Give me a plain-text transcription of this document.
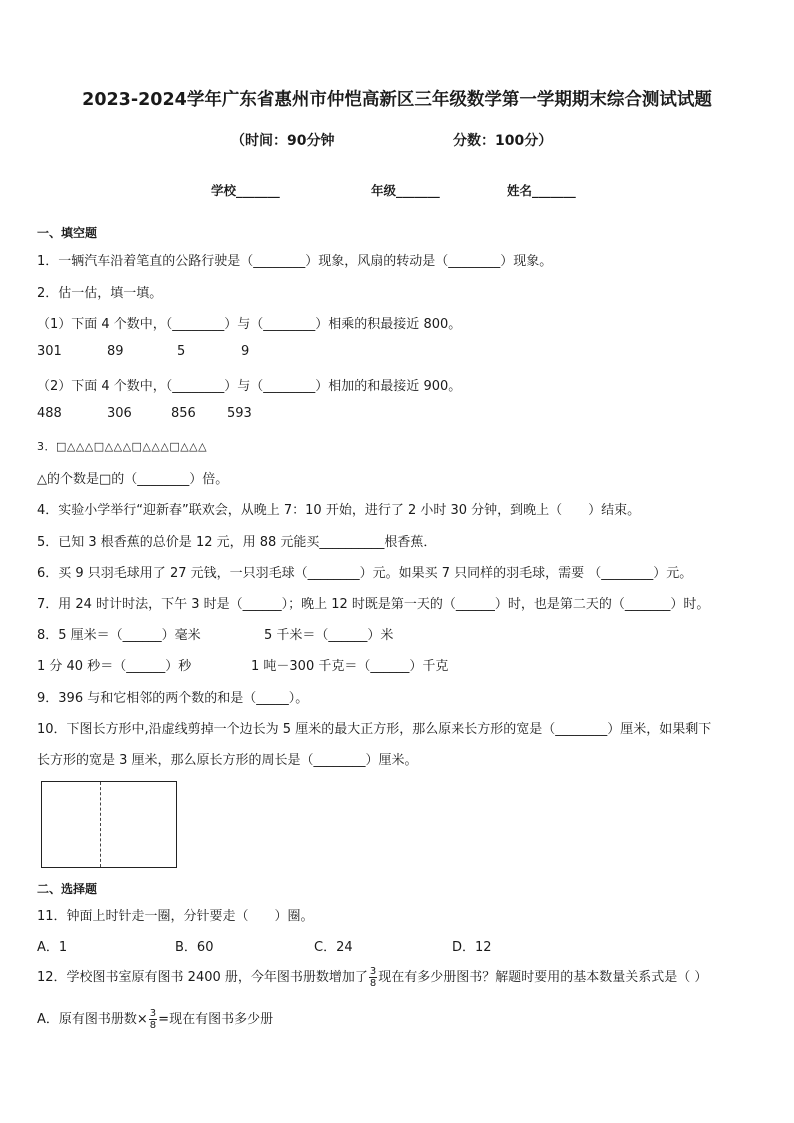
2023-2024学年广东省惠州市仲恺高新区三年级数学第一学期期末综合测试试题
（时间：90分钟	分数：100分）
学校_______	年级_______	姓名_______
一、填空题
1．一辆汽车沿着笔直的公路行驶是（________）现象，风扇的转动是（________）现象。
2．估一估，填一填。
（1）下面 4 个数中，（________）与（________）相乘的积最接近 800。
301	89	5	9
（2）下面 4 个数中，（________）与（________）相加的和最接近 900。
488	306	856 593
3．□△△△□△△△□△△△□△△△
△的个数是□的（________）倍。
4．实验小学举行“迎新春”联欢会，从晚上 7：10 开始，进行了 2 小时 30 分钟，到晚上（　　）结束。
5．已知 3 根香蕉的总价是 12 元，用 88 元能买__________根香蕉．
6．买 9 只羽毛球用了 27 元钱，一只羽毛球（________）元。如果买 7 只同样的羽毛球，需要 （________）元。
7．用 24 时计时法，下午 3 时是（______）；晚上 12 时既是第一天的（______）时，也是第二天的（_______）时。
8．5 厘米＝（______）毫米	5 千米＝（______）米
1 分 40 秒＝（______）秒	1 吨－300 千克＝（______）千克
9．396 与和它相邻的两个数的和是（_____）。
10．下图长方形中,沿虚线剪掉一个边长为 5 厘米的最大正方形，那么原来长方形的宽是（________）厘米，如果剩下
长方形的宽是 3 厘米，那么原长方形的周长是（________）厘米。
二、选择题
11．钟面上时针走一圈，分针要走（　　）圈。
A．1	B．60	C．24	D．12
12．学校图书室原有图书 2400 册，今年图书册数增加了 $\frac{3}{8}$ 现在有多少册图书？解题时要用的基本数量关系式是（ ）
A．原有图书册数× $\frac{3}{8}$ =现在有图书多少册
